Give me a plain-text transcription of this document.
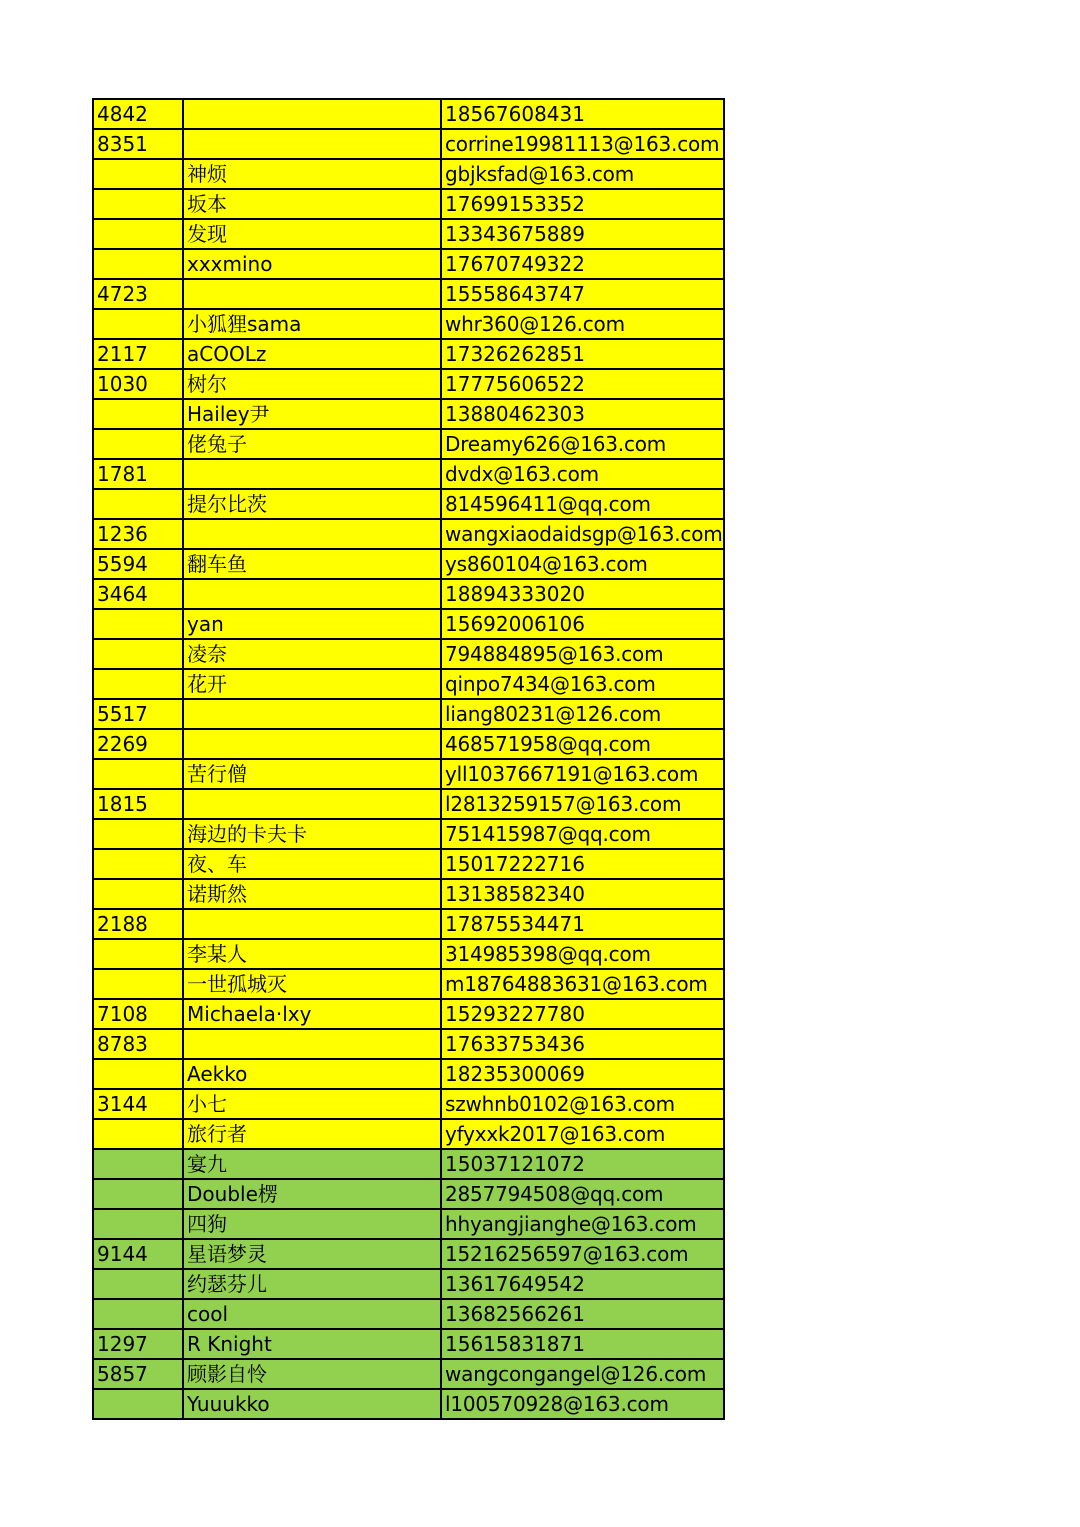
4842		18567608431
8351		corrine19981113@163.com
	神烦	gbjksfad@163.com
	坂本	17699153352
	发现	13343675889
	xxxmino	17670749322
4723		15558643747
	小狐狸sama	whr360@126.com
2117	aCOOLz	17326262851
1030	树尔	17775606522
	Hailey尹	13880462303
	佬兔子	Dreamy626@163.com
1781		dvdx@163.com
	提尔比茨	814596411@qq.com
1236		wangxiaodaidsgp@163.com
5594	翻车鱼	ys860104@163.com
3464		18894333020
	yan	15692006106
	凌奈	794884895@163.com
	花开	qinpo7434@163.com
5517		liang80231@126.com
2269		468571958@qq.com
	苦行僧	yll1037667191@163.com
1815		l2813259157@163.com
	海边的卡夫卡	751415987@qq.com
	夜、车	15017222716
	诺斯然	13138582340
2188		17875534471
	李某人	314985398@qq.com
	一世孤城灭	m18764883631@163.com
7108	Michaela·lxy	15293227780
8783		17633753436
	Aekko	18235300069
3144	小七	szwhnb0102@163.com
	旅行者	yfyxxk2017@163.com
	宴九	15037121072
	Double楞	2857794508@qq.com
	四狗	hhyangjianghe@163.com
9144	星语梦灵	15216256597@163.com
	约瑟芬儿	13617649542
	cool	13682566261
1297	R Knight	15615831871
5857	顾影自怜	wangcongangel@126.com
	Yuuukko	l100570928@163.com
